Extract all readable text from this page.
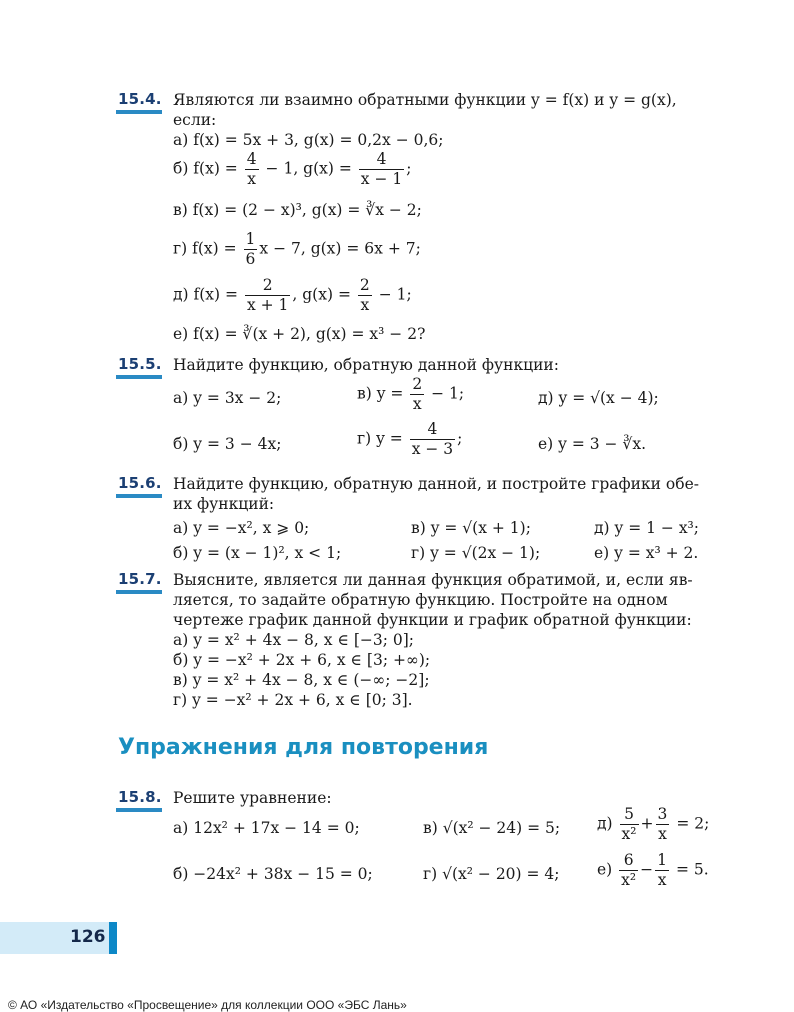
15.4. Являются ли взаимно обратными функции y = f(x) и y = g(x),
если:
а) f(x) = 5x + 3, g(x) = 0,2x − 0,6;
б) $f(x) = \frac{4}{x} - 1$, $g(x) = \frac{4}{x - 1}$ ;
в) f(x) = (2 − x)³, g(x) = ∛x − 2;
г) $f(x) = \frac{1}{6}$ x − 7, g(x) = 6x + 7;
д) $f(x) = \frac{2}{x + 1}$ , $g(x) = \frac{2}{x} - 1$;
е) f(x) = ∛(x + 2), g(x) = x³ − 2?
15.5. Найдите функцию, обратную данной функции:
а) y = 3x − 2;	в) $y = \frac{2}{x} - 1$;	д) y = √(x − 4);
б) y = 3 − 4x;	г) $y = \frac{4}{x - 3}$ ;	е) y = 3 − ∛x.
15.6. Найдите функцию, обратную данной, и постройте графики обе-
их функций:
а) y = −x², x ⩾ 0;	в) y = √(x + 1);	д) y = 1 − x³;
б) y = (x − 1)², x < 1;	г) y = √(2x − 1);	е) y = x³ + 2.
15.7. Выясните, является ли данная функция обратимой, и, если яв-
ляется, то задайте обратную функцию. Постройте на одном
чертеже график данной функции и график обратной функции:
а) y = x² + 4x − 8, x ∈ [−3; 0];
б) y = −x² + 2x + 6, x ∈ [3; +∞);
в) y = x² + 4x − 8, x ∈ (−∞; −2];
г) y = −x² + 2x + 6, x ∈ [0; 3].
Упражнения для повторения
15.8. Решите уравнение:
а) 12x² + 17x − 14 = 0;	в) √(x² − 24) = 5; $д) \frac{5}{\text{x²}} + \frac{3}{x} = 2$;
б) −24x² + 38x − 15 = 0;	г) √(x² − 20) = 4; $е) \frac{6}{\text{x²}} - \frac{1}{x} = 5$.
126
© АО «Издательство «Просвещение» для коллекции ООО «ЭБС Лань»
